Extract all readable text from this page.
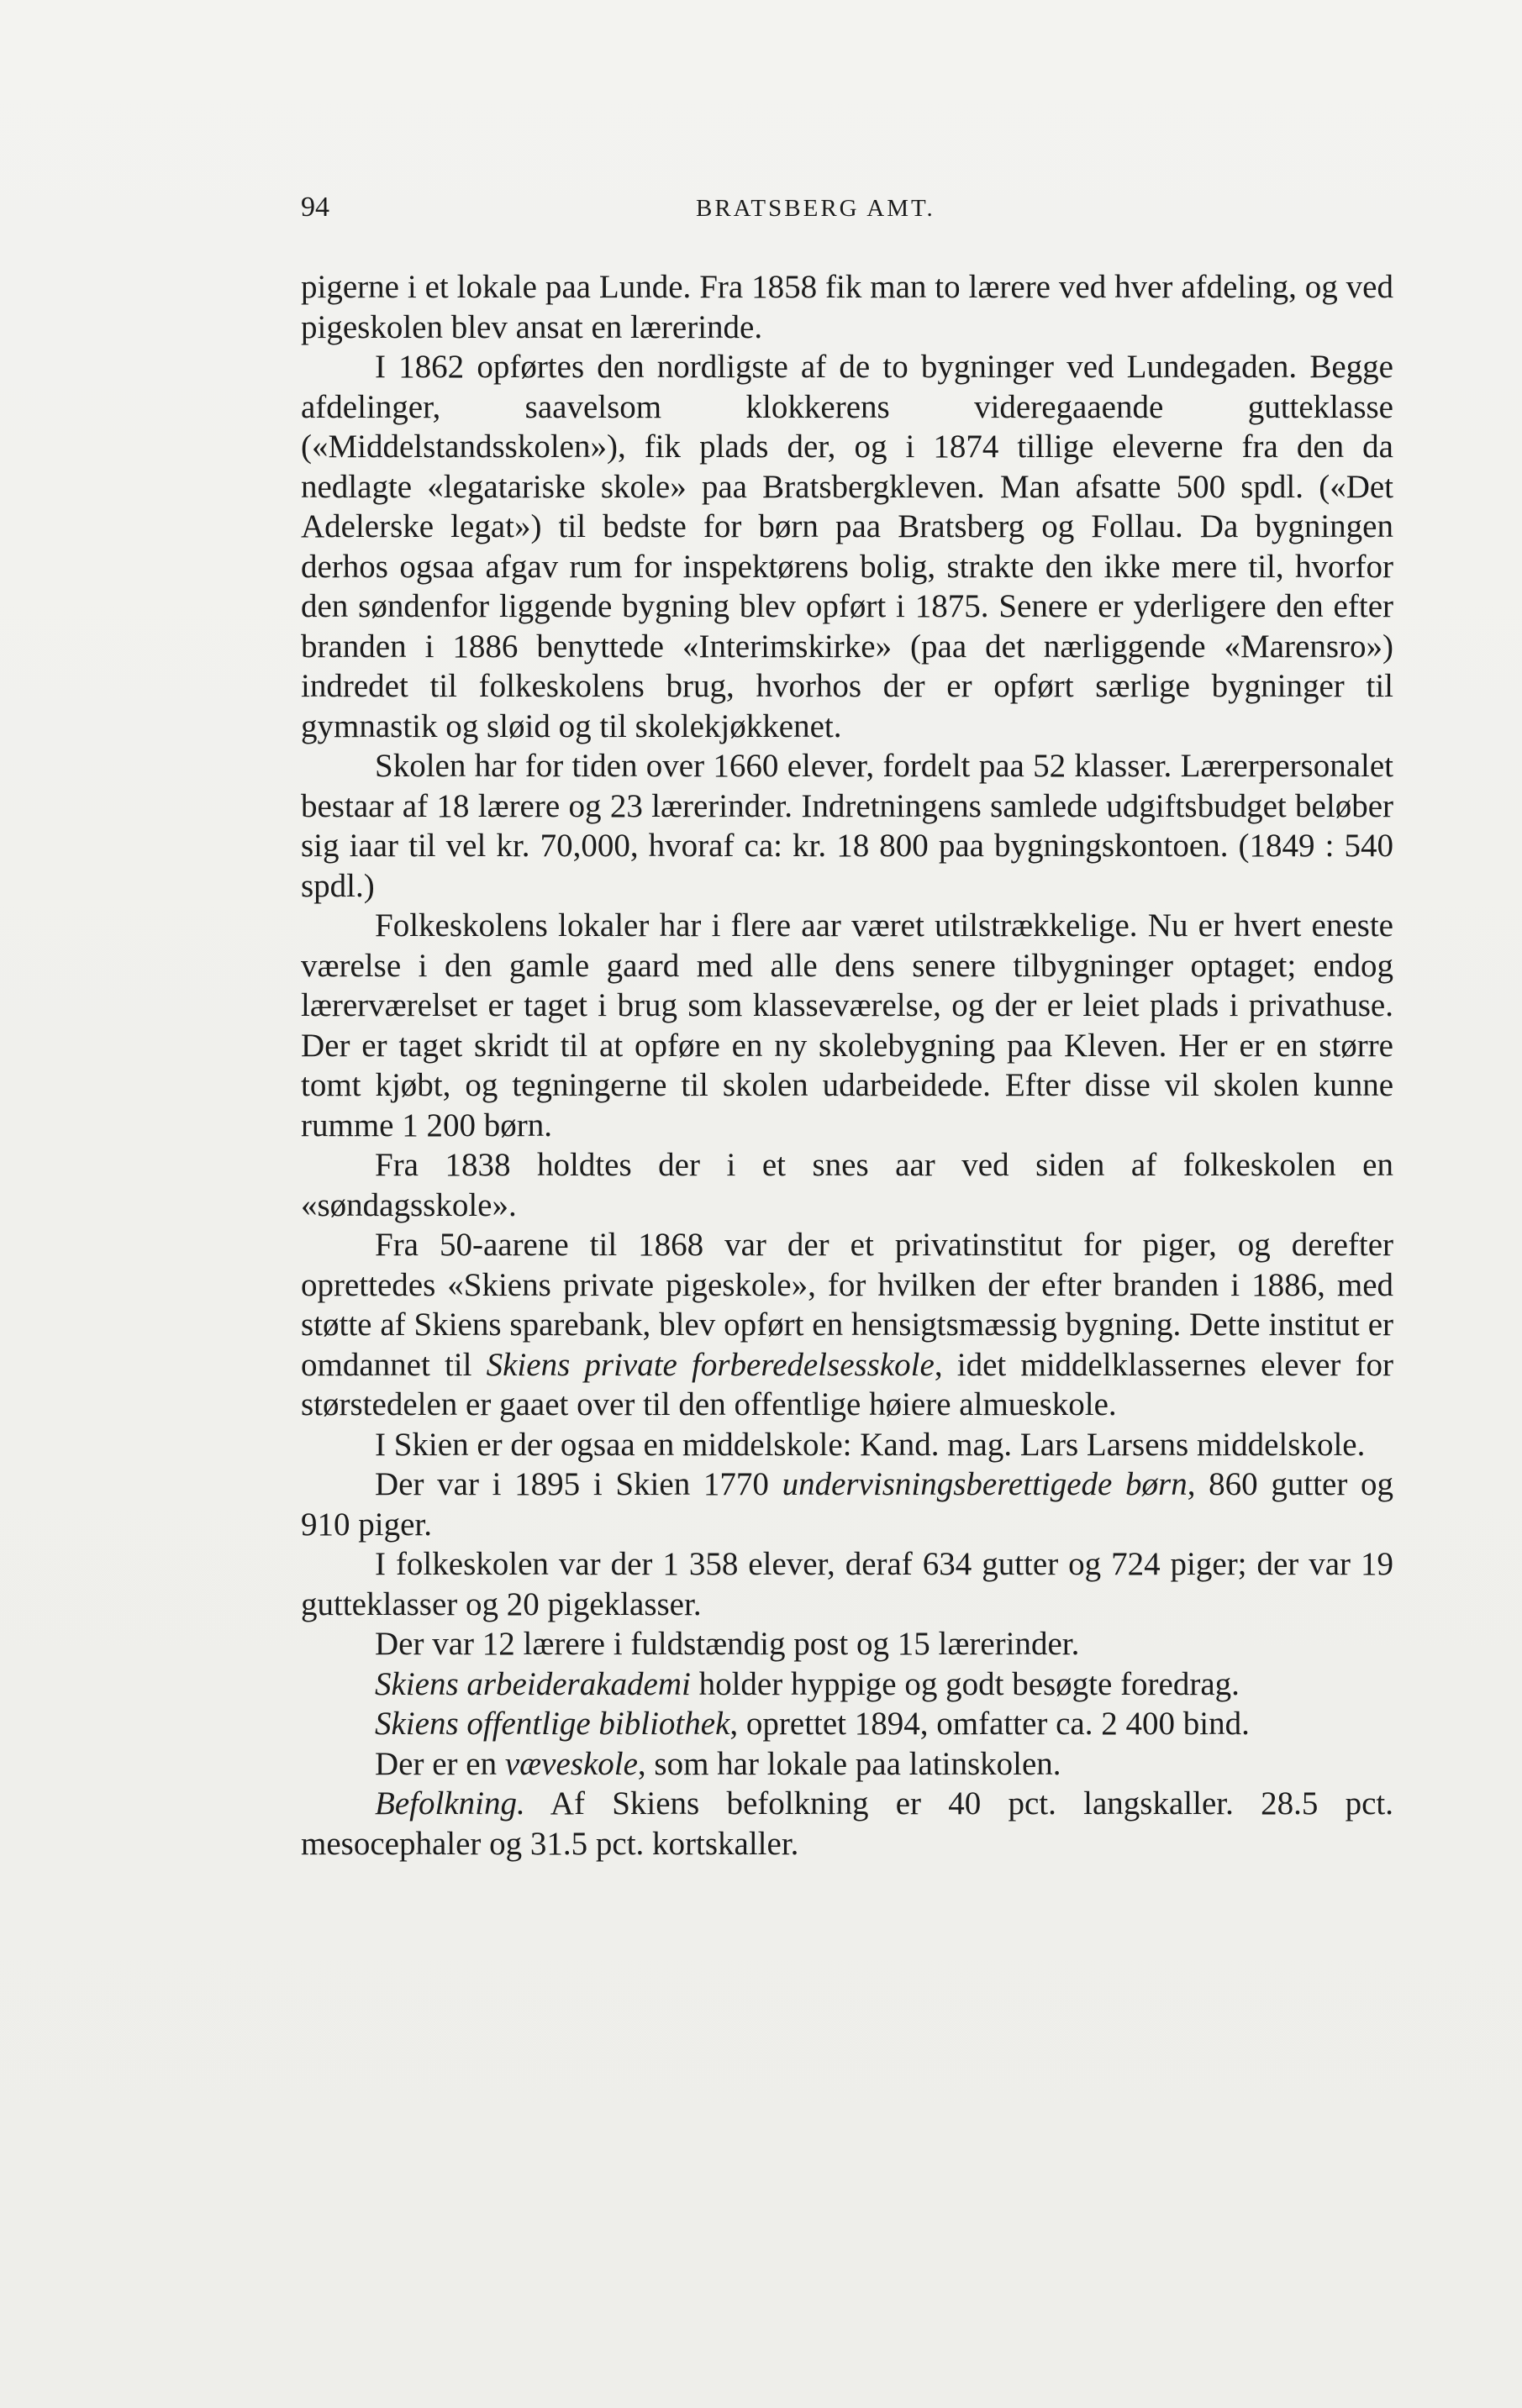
94	BRATSBERG AMT.

pigerne i et lokale paa Lunde. Fra 1858 fik man to lærere ved hver afdeling, og ved pigeskolen blev ansat en lærerinde.

I 1862 opførtes den nordligste af de to bygninger ved Lundegaden. Begge afdelinger, saavelsom klokkerens videregaaende gutteklasse («Middelstandsskolen»), fik plads der, og i 1874 tillige eleverne fra den da nedlagte «legatariske skole» paa Bratsbergkleven. Man afsatte 500 spdl. («Det Adelerske legat») til bedste for børn paa Bratsberg og Follau. Da bygningen derhos ogsaa afgav rum for inspektørens bolig, strakte den ikke mere til, hvorfor den søndenfor liggende bygning blev opført i 1875. Senere er yderligere den efter branden i 1886 benyttede «Interimskirke» (paa det nærliggende «Marensro») indredet til folkeskolens brug, hvorhos der er opført særlige bygninger til gymnastik og sløid og til skolekjøkkenet.

Skolen har for tiden over 1660 elever, fordelt paa 52 klasser. Lærerpersonalet bestaar af 18 lærere og 23 lærerinder. Indretningens samlede udgiftsbudget beløber sig iaar til vel kr. 70,000, hvoraf ca: kr. 18 800 paa bygningskontoen. (1849 : 540 spdl.)

Folkeskolens lokaler har i flere aar været utilstrækkelige. Nu er hvert eneste værelse i den gamle gaard med alle dens senere tilbygninger optaget; endog lærerværelset er taget i brug som klasseværelse, og der er leiet plads i privathuse. Der er taget skridt til at opføre en ny skolebygning paa Kleven. Her er en større tomt kjøbt, og tegningerne til skolen udarbeidede. Efter disse vil skolen kunne rumme 1 200 børn.

Fra 1838 holdtes der i et snes aar ved siden af folkeskolen en «søndagsskole».

Fra 50-aarene til 1868 var der et privatinstitut for piger, og derefter oprettedes «Skiens private pigeskole», for hvilken der efter branden i 1886, med støtte af Skiens sparebank, blev opført en hensigtsmæssig bygning. Dette institut er omdannet til Skiens private forberedelsesskole, idet middelklassernes elever for størstedelen er gaaet over til den offentlige høiere almueskole.

I Skien er der ogsaa en middelskole: Kand. mag. Lars Larsens middelskole.

Der var i 1895 i Skien 1770 undervisningsberettigede børn, 860 gutter og 910 piger.

I folkeskolen var der 1 358 elever, deraf 634 gutter og 724 piger; der var 19 gutteklasser og 20 pigeklasser.

Der var 12 lærere i fuldstændig post og 15 lærerinder.

Skiens arbeiderakademi holder hyppige og godt besøgte foredrag.

Skiens offentlige bibliothek, oprettet 1894, omfatter ca. 2 400 bind.

Der er en væveskole, som har lokale paa latinskolen.

Befolkning. Af Skiens befolkning er 40 pct. langskaller. 28.5 pct. mesocephaler og 31.5 pct. kortskaller.
